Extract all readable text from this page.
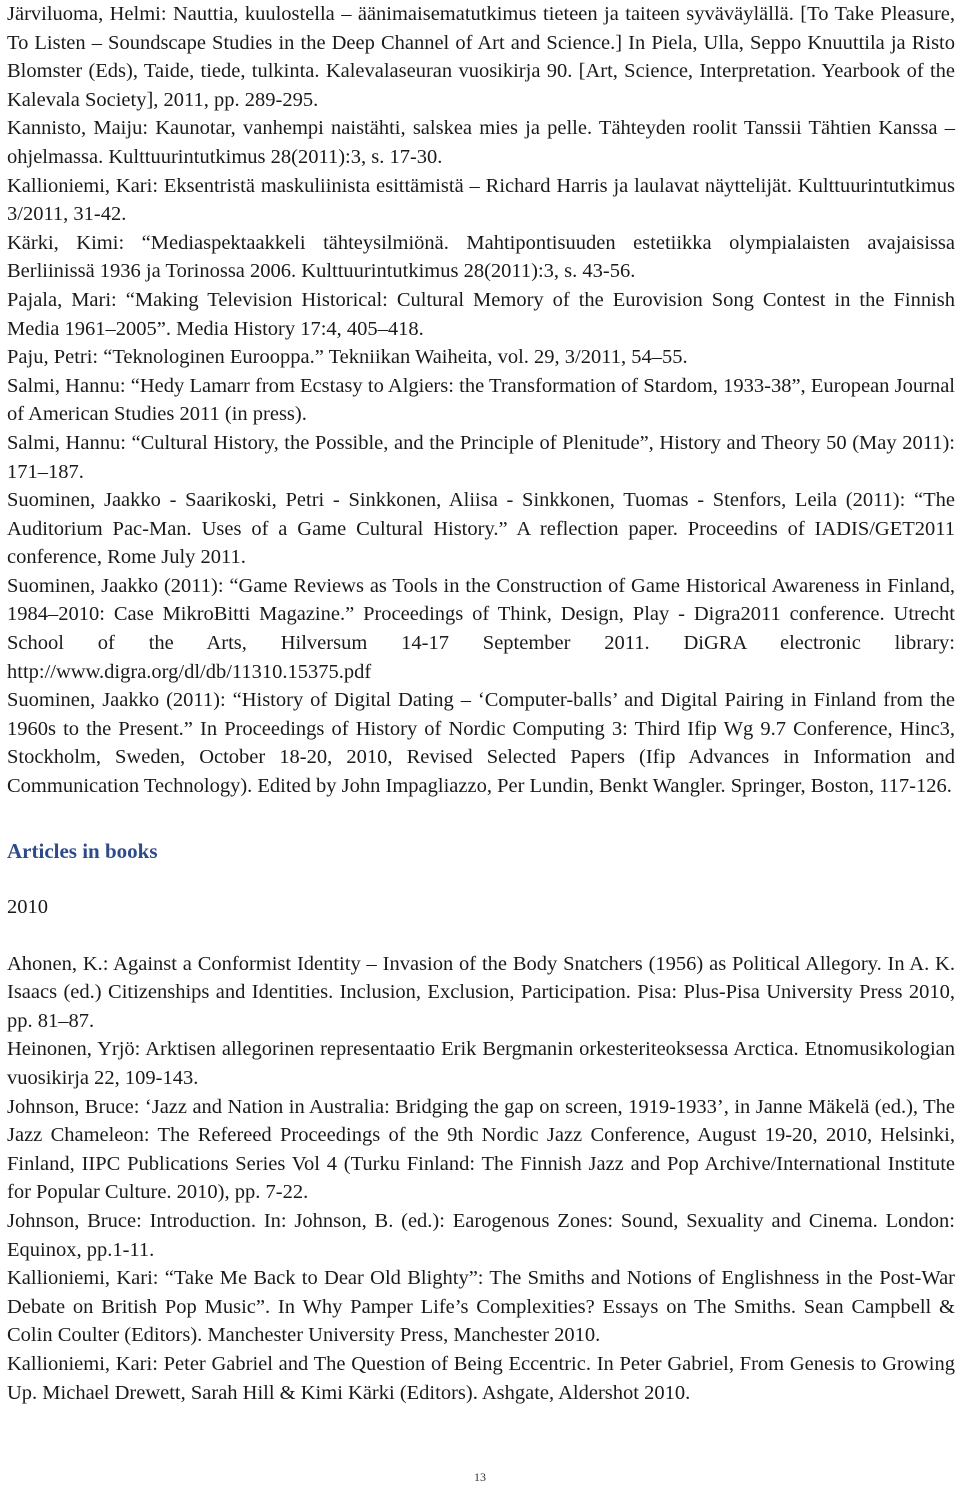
Järviluoma, Helmi: Nauttia, kuulostella – äänimaisematutkimus tieteen ja taiteen syväväylällä. [To Take Pleasure, To Listen – Soundscape Studies in the Deep Channel of Art and Science.] In Piela, Ulla, Seppo Knuuttila ja Risto Blomster (Eds), Taide, tiede, tulkinta. Kalevalaseuran vuosikirja 90. [Art, Science, Interpretation. Yearbook of the Kalevala Society], 2011, pp. 289-295.

Kannisto, Maiju: Kaunotar, vanhempi naistähti, salskea mies ja pelle. Tähteyden roolit Tanssii Tähtien Kanssa –ohjelmassa. Kulttuurintutkimus 28(2011):3, s. 17-30.

Kallioniemi, Kari: Eksentristä maskuliinista esittämistä – Richard Harris ja laulavat näyttelijät. Kulttuurintutkimus 3/2011, 31-42.

Kärki, Kimi: “Mediaspektaakkeli tähteysilmiönä. Mahtipontisuuden estetiikka olympialaisten avajaisissa Berliinissä 1936 ja Torinossa 2006. Kulttuurintutkimus 28(2011):3, s. 43-56.

Pajala, Mari: “Making Television Historical: Cultural Memory of the Eurovision Song Contest in the Finnish Media 1961–2005”. Media History 17:4, 405–418.

Paju, Petri: “Teknologinen Eurooppa.” Tekniikan Waiheita, vol. 29, 3/2011, 54–55.

Salmi, Hannu: “Hedy Lamarr from Ecstasy to Algiers: the Transformation of Stardom, 1933-38”, European Journal of American Studies 2011 (in press).

Salmi, Hannu: “Cultural History, the Possible, and the Principle of Plenitude”, History and Theory 50 (May 2011): 171–187.

Suominen, Jaakko - Saarikoski, Petri - Sinkkonen, Aliisa - Sinkkonen, Tuomas - Stenfors, Leila (2011): “The Auditorium Pac-Man. Uses of a Game Cultural History.” A reflection paper. Proceedins of IADIS/GET2011 conference, Rome July 2011.

Suominen, Jaakko (2011): “Game Reviews as Tools in the Construction of Game Historical Awareness in Finland, 1984–2010: Case MikroBitti Magazine.” Proceedings of Think, Design, Play - Digra2011 conference. Utrecht School of the Arts, Hilversum 14-17 September 2011. DiGRA electronic library: http://www.digra.org/dl/db/11310.15375.pdf

Suominen, Jaakko (2011): “History of Digital Dating – ‘Computer-balls’ and Digital Pairing in Finland from the 1960s to the Present.” In Proceedings of History of Nordic Computing 3: Third Ifip Wg 9.7 Conference, Hinc3, Stockholm, Sweden, October 18-20, 2010, Revised Selected Papers (Ifip Advances in Information and Communication Technology). Edited by John Impagliazzo, Per Lundin, Benkt Wangler. Springer, Boston, 117-126.

Articles in books
2010

Ahonen, K.: Against a Conformist Identity – Invasion of the Body Snatchers (1956) as Political Allegory. In A. K. Isaacs (ed.) Citizenships and Identities. Inclusion, Exclusion, Participation. Pisa: Plus-Pisa University Press 2010, pp. 81–87.

Heinonen, Yrjö: Arktisen allegorinen representaatio Erik Bergmanin orkesteriteoksessa Arctica. Etnomusikologian vuosikirja 22, 109-143.

Johnson, Bruce: ‘Jazz and Nation in Australia: Bridging the gap on screen, 1919-1933’, in Janne Mäkelä (ed.), The Jazz Chameleon: The Refereed Proceedings of the 9th Nordic Jazz Conference, August 19-20, 2010, Helsinki, Finland, IIPC Publications Series Vol 4 (Turku Finland: The Finnish Jazz and Pop Archive/International Institute for Popular Culture. 2010), pp. 7-22.

Johnson, Bruce: Introduction. In: Johnson, B. (ed.): Earogenous Zones: Sound, Sexuality and Cinema. London: Equinox, pp.1-11.

Kallioniemi, Kari: “Take Me Back to Dear Old Blighty”: The Smiths and Notions of Englishness in the Post-War Debate on British Pop Music”. In Why Pamper Life’s Complexities? Essays on The Smiths. Sean Campbell & Colin Coulter (Editors). Manchester University Press, Manchester 2010.

Kallioniemi, Kari: Peter Gabriel and The Question of Being Eccentric. In Peter Gabriel, From Genesis to Growing Up. Michael Drewett, Sarah Hill & Kimi Kärki (Editors). Ashgate, Aldershot 2010.

13
